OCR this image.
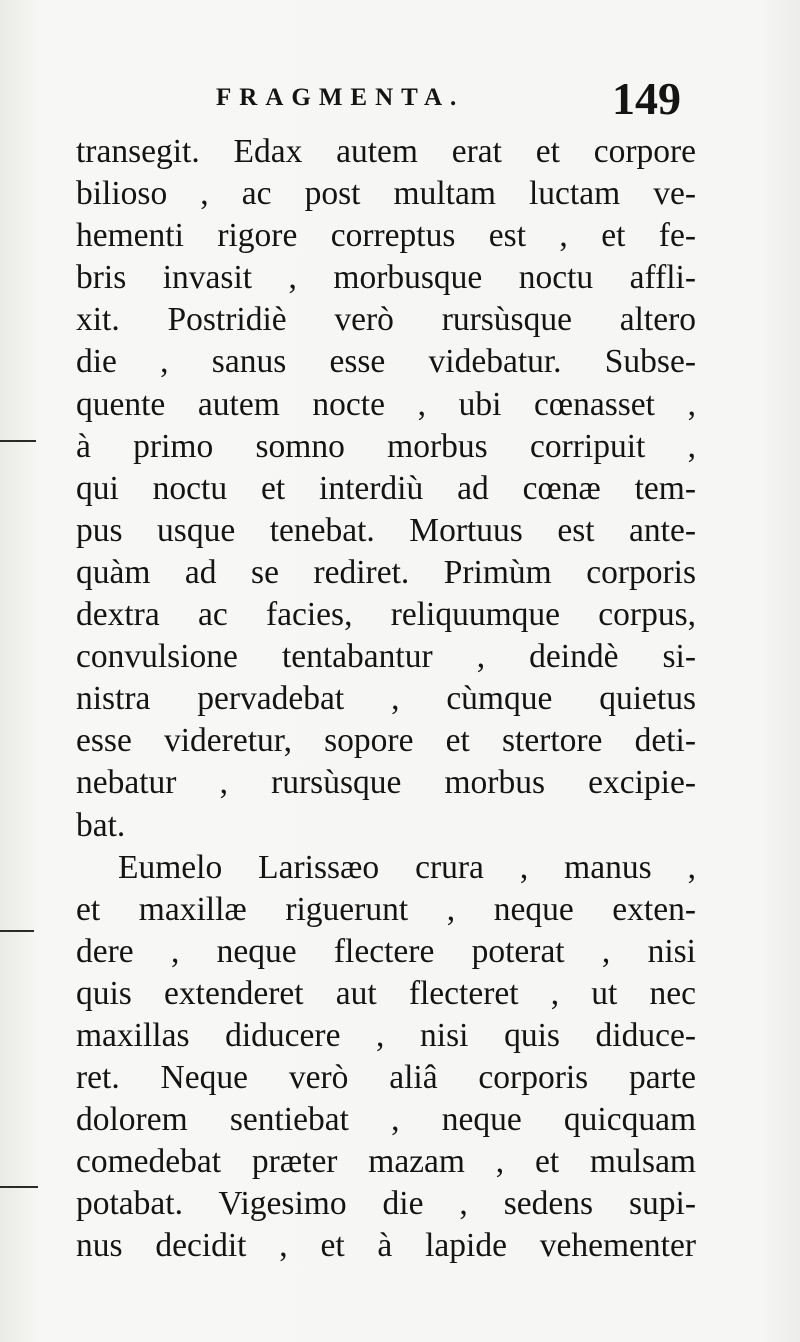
FRAGMENTA.	149
transegit. Edax autem erat et corpore
bilioso , ac post multam luctam ve-
hementi rigore correptus est , et fe-
bris invasit , morbusque noctu affli-
xit. Postridiè verò rursùsque altero
die , sanus esse videbatur. Subse-
quente autem nocte , ubi cœnasset ,
à primo somno morbus corripuit ,
qui noctu et interdiù ad cœnæ tem-
pus usque tenebat. Mortuus est ante-
quàm ad se rediret. Primùm corporis
dextra ac facies, reliquumque corpus,
convulsione tentabantur , deindè si-
nistra pervadebat , cùmque quietus
esse videretur, sopore et stertore deti-
nebatur , rursùsque morbus excipie-
bat.
Eumelo Larissæo crura , manus ,
et maxillæ riguerunt , neque exten-
dere , neque flectere poterat , nisi
quis extenderet aut flecteret , ut nec
maxillas diducere , nisi quis diduce-
ret. Neque verò aliâ corporis parte
dolorem sentiebat , neque quicquam
comedebat præter mazam , et mulsam
potabat. Vigesimo die , sedens supi-
nus decidit , et à lapide vehementer
